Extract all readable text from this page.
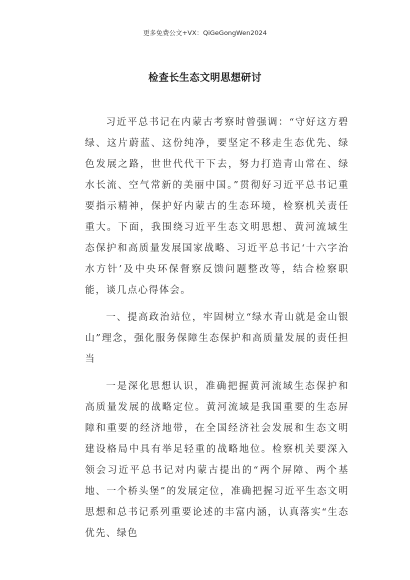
更多免费公文+VX：QiGeGongWen2024
检查长生态文明思想研讨

习近平总书记在内蒙古考察时曾强调：“守好这方碧绿、这片蔚蓝、这份纯净，要坚定不移走生态优先、绿色发展之路，世世代代干下去，努力打造青山常在、绿水长流、空气常新的美丽中国。”贯彻好习近平总书记重要指示精神，保护好内蒙古的生态环境，检察机关责任重大。下面，我围绕习近平生态文明思想、黄河流域生态保护和高质量发展国家战略、习近平总书记‘十六字治水方针’及中央环保督察反馈问题整改等，结合检察职能，谈几点心得体会。

一、提高政治站位，牢固树立“绿水青山就是金山银山”理念，强化服务保障生态保护和高质量发展的责任担当

一是深化思想认识，准确把握黄河流域生态保护和高质量发展的战略定位。黄河流域是我国重要的生态屏障和重要的经济地带，在全国经济社会发展和生态文明建设格局中具有举足轻重的战略地位。检察机关要深入领会习近平总书记对内蒙古提出的“两个屏障、两个基地、一个桥头堡”的发展定位，准确把握习近平生态文明思想和总书记系列重要论述的丰富内涵，认真落实“生态优先、绿色
